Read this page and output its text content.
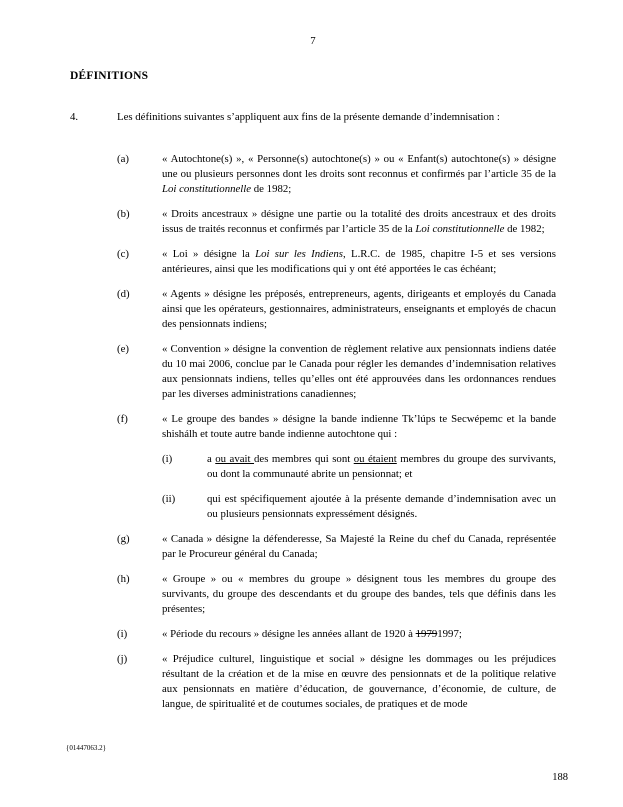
7
DÉFINITIONS
4.	Les définitions suivantes s’appliquent aux fins de la présente demande d’indemnisation :
(a)	« Autochtone(s) », « Personne(s) autochtone(s) » ou « Enfant(s) autochtone(s) » désigne une ou plusieurs personnes dont les droits sont reconnus et confirmés par l’article 35 de la Loi constitutionnelle de 1982;
(b)	« Droits ancestraux » désigne une partie ou la totalité des droits ancestraux et des droits issus de traités reconnus et confirmés par l’article 35 de la Loi constitutionnelle de 1982;
(c)	« Loi » désigne la Loi sur les Indiens, L.R.C. de 1985, chapitre I-5 et ses versions antérieures, ainsi que les modifications qui y ont été apportées le cas échéant;
(d)	« Agents » désigne les préposés, entrepreneurs, agents, dirigeants et employés du Canada ainsi que les opérateurs, gestionnaires, administrateurs, enseignants et employés de chacun des pensionnats indiens;
(e)	« Convention » désigne la convention de règlement relative aux pensionnats indiens datée du 10 mai 2006, conclue par le Canada pour régler les demandes d’indemnisation relatives aux pensionnats indiens, telles qu’elles ont été approuvées dans les ordonnances rendues par les diverses administrations canadiennes;
(f)	« Le groupe des bandes » désigne la bande indienne Tk’lúps te Secwépemc et la bande shishálh et toute autre bande indienne autochtone qui :
(i)	a ou avait des membres qui sont ou étaient membres du groupe des survivants, ou dont la communauté abrite un pensionnat; et
(ii)	qui est spécifiquement ajoutée à la présente demande d’indemnisation avec un ou plusieurs pensionnats expressément désignés.
(g)	« Canada » désigne la défenderesse, Sa Majesté la Reine du chef du Canada, représentée par le Procureur général du Canada;
(h)	« Groupe » ou « membres du groupe » désignent tous les membres du groupe des survivants, du groupe des descendants et du groupe des bandes, tels que définis dans les présentes;
(i)	« Période du recours » désigne les années allant de 1920 à 19791997;
(j)	« Préjudice culturel, linguistique et social » désigne les dommages ou les préjudices résultant de la création et de la mise en œuvre des pensionnats et de la politique relative aux pensionnats en matière d’éducation, de gouvernance, d’économie, de culture, de langue, de spiritualité et de coutumes sociales, de pratiques et de mode
{01447063.2}
188
